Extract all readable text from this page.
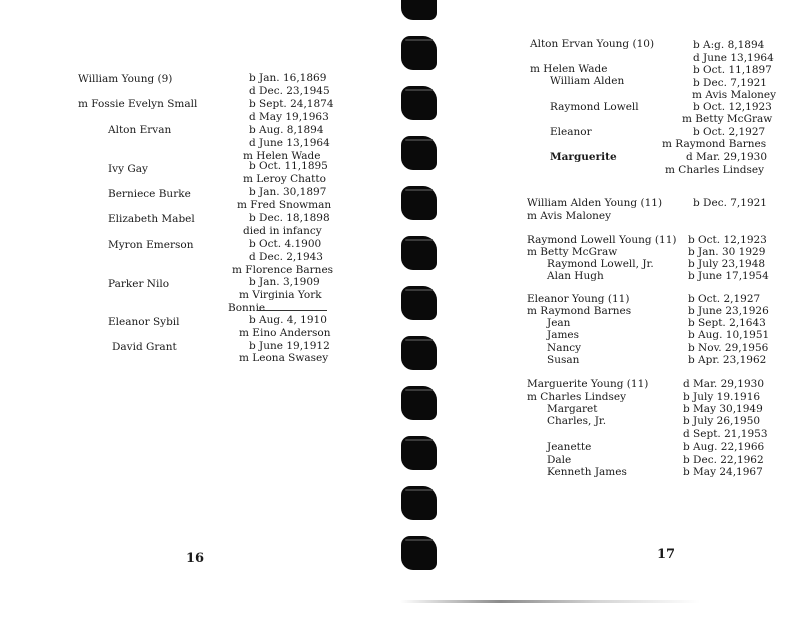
William Young (9)
m Fossie Evelyn Small
Alton Ervan
Ivy Gay
Berniece Burke
Elizabeth Mabel
Myron Emerson
Parker Nilo
Eleanor Sybil
David Grant
b Jan. 16,1869
d Dec. 23,1945
b Sept. 24,1874
d May 19,1963
b Aug. 8,1894
d June 13,1964
m Helen Wade
b Oct. 11,1895
m Leroy Chatto
b Jan. 30,1897
m Fred Snowman
b Dec. 18,1898
died in infancy
b Oct. 4.1900
d Dec. 2,1943
m Florence Barnes
b Jan. 3,1909
m Virginia York
Bonnie
b Aug. 4, 1910
m Eino Anderson
b June 19,1912
m Leona Swasey
16
Alton Ervan Young (10)
m Helen Wade
William Alden
Raymond Lowell
Eleanor
Marguerite
William Alden Young (11)
m Avis Maloney
Raymond Lowell Young (11)
m Betty McGraw
Raymond Lowell, Jr.
Alan Hugh
Eleanor Young (11)
m Raymond Barnes
Jean
James
Nancy
Susan
Marguerite Young (11)
m Charles Lindsey
Margaret
Charles, Jr.
Jeanette
Dale
Kenneth James
b A:g. 8,1894
d June 13,1964
b Oct. 11,1897
b Dec. 7,1921
m Avis Maloney
b Oct. 12,1923
m Betty McGraw
b Oct. 2,1927
m Raymond Barnes
d Mar. 29,1930
m Charles Lindsey
b Dec. 7,1921
b Oct. 12,1923
b Jan. 30 1929
b July 23,1948
b June 17,1954
b Oct. 2,1927
b June 23,1926
b Sept. 2,1643
b Aug. 10,1951
b Nov. 29,1956
b Apr. 23,1962
d Mar. 29,1930
b July 19.1916
b May 30,1949
b July 26,1950
d Sept. 21,1953
b Aug. 22,1966
b Dec. 22,1962
b May 24,1967
17
